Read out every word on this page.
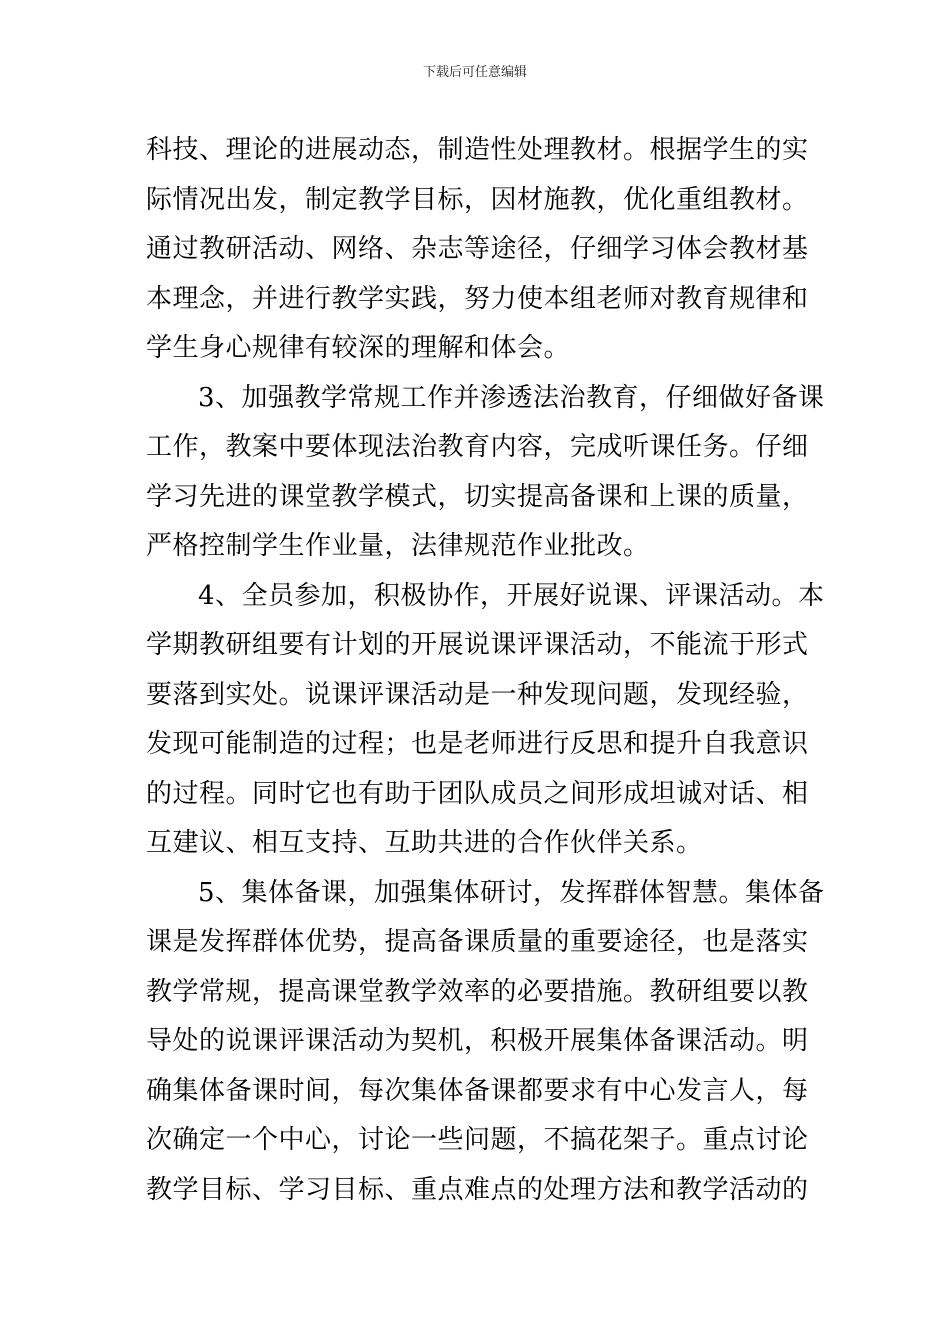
下载后可任意编辑
科技、理论的进展动态，制造性处理教材。根据学生的实
际情况出发，制定教学目标，因材施教，优化重组教材。
通过教研活动、网络、杂志等途径，仔细学习体会教材基
本理念，并进行教学实践，努力使本组老师对教育规律和
学生身心规律有较深的理解和体会。
3、加强教学常规工作并渗透法治教育，仔细做好备课
工作，教案中要体现法治教育内容，完成听课任务。仔细
学习先进的课堂教学模式，切实提高备课和上课的质量，
严格控制学生作业量，法律规范作业批改。
4、全员参加，积极协作，开展好说课、评课活动。本
学期教研组要有计划的开展说课评课活动，不能流于形式
要落到实处。说课评课活动是一种发现问题，发现经验，
发现可能制造的过程；也是老师进行反思和提升自我意识
的过程。同时它也有助于团队成员之间形成坦诚对话、相
互建议、相互支持、互助共进的合作伙伴关系。
5、集体备课，加强集体研讨，发挥群体智慧。集体备
课是发挥群体优势，提高备课质量的重要途径，也是落实
教学常规，提高课堂教学效率的必要措施。教研组要以教
导处的说课评课活动为契机，积极开展集体备课活动。明
确集体备课时间，每次集体备课都要求有中心发言人，每
次确定一个中心，讨论一些问题，不搞花架子。重点讨论
教学目标、学习目标、重点难点的处理方法和教学活动的
